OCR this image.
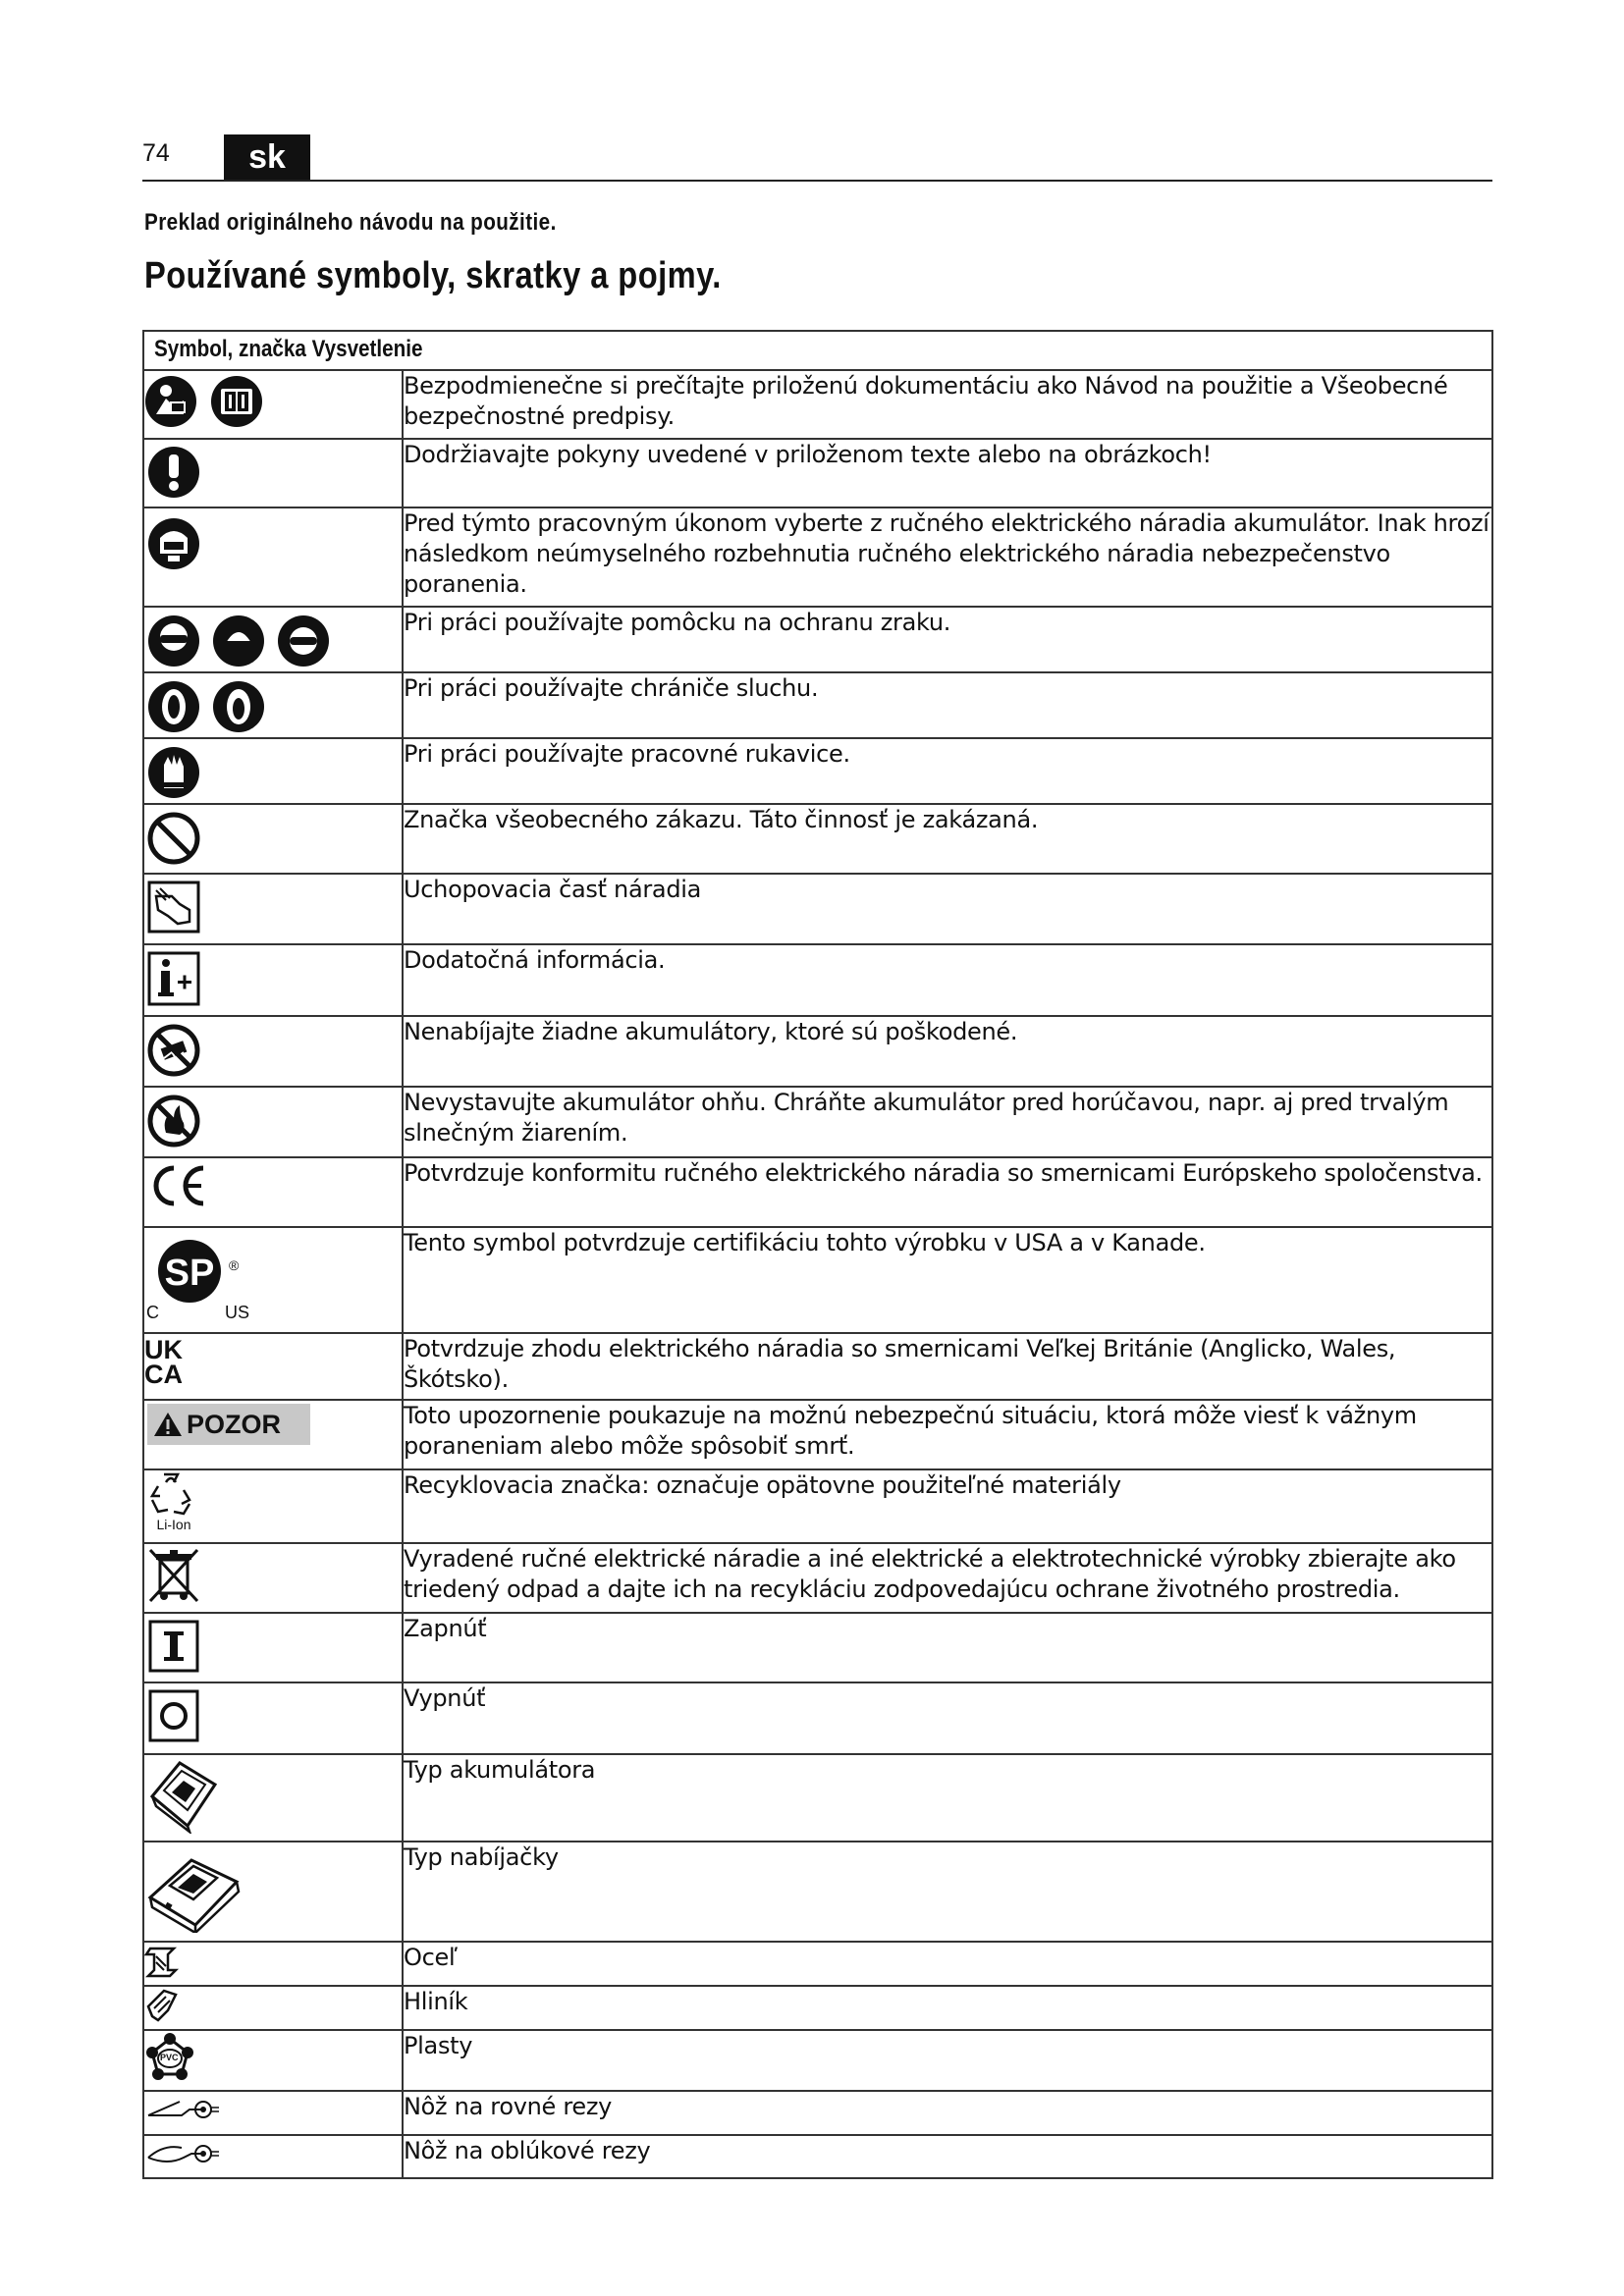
74	sk
Preklad originálneho návodu na použitie.
Používané symboly, skratky a pojmy.
Symbol, značka Vysvetlenie	

	Bezpodmienečne si prečítajte priloženú dokumentáciu ako Návod na použitie a Všeobecné bezpečnostné predpisy.

	Dodržiavajte pokyny uvedené v priloženom texte alebo na obrázkoch!

	Pred týmto pracovným úkonom vyberte z ručného elektrického náradia akumulátor. Inak hrozí následkom neúmyselného rozbehnutia ručného elektrického náradia nebezpečenstvo poranenia.

	Pri práci používajte pomôcku na ochranu zraku.

	Pri práci používajte chrániče sluchu.

	Pri práci používajte pracovné rukavice.

	Značka všeobecného zákazu. Táto činnosť je zakázaná.

	Uchopovacia časť náradia

	Dodatočná informácia.

	Nenabíjajte žiadne akumulátory, ktoré sú poškodené.

	Nevystavujte akumulátor ohňu. Chráňte akumulátor pred horúčavou, napr. aj pred trvalým slnečným žiarením.

	Potvrdzuje konformitu ručného elektrického náradia so smernicami Európskeho spoločenstva.

SP ®
C US	Tento symbol potvrdzuje certifikáciu tohto výrobku v USA a v Kanade.

UK
CA	Potvrdzuje zhodu elektrického náradia so smernicami Veľkej Británie (Anglicko, Wales, Škótsko).

POZOR	Toto upozornenie poukazuje na možnú nebezpečnú situáciu, ktorá môže viesť k vážnym poraneniam alebo môže spôsobiť smrť.

Li-Ion	Recyklovacia značka: označuje opätovne použiteľné materiály

	Vyradené ručné elektrické náradie a iné elektrické a elektrotechnické výrobky zbierajte ako triedený odpad a dajte ich na recykláciu zodpovedajúcu ochrane životného prostredia.

	Zapnúť

	Vypnúť

	Typ akumulátora

	Typ nabíjačky

	Oceľ

	Hliník

PVC	Plasty

	Nôž na rovné rezy

	Nôž na oblúkové rezy
